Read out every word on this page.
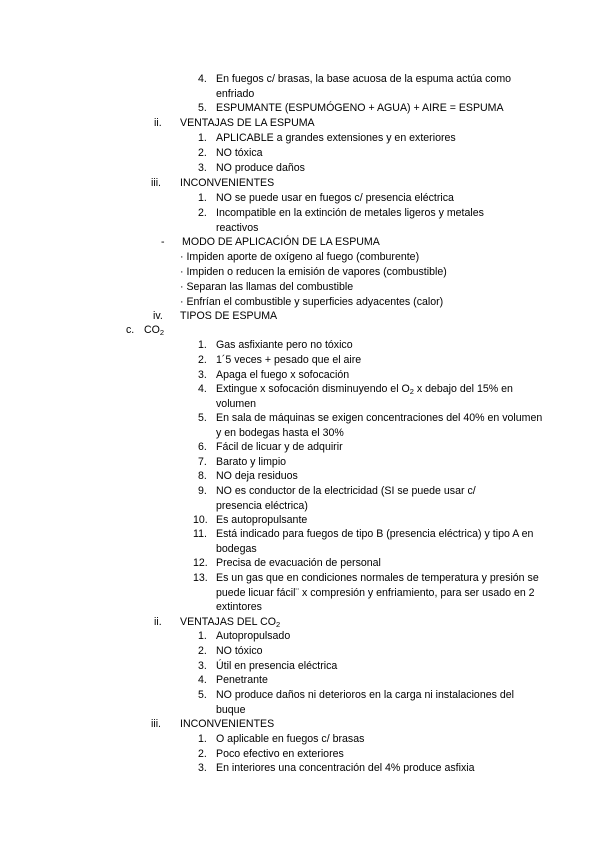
4. En fuegos c/ brasas, la base acuosa de la espuma actúa como enfriado
5. ESPUMANTE (ESPUMÓGENO + AGUA) + AIRE = ESPUMA
ii. VENTAJAS DE LA ESPUMA
1. APLICABLE a grandes extensiones y en exteriores
2. NO tóxica
3. NO produce daños
iii. INCONVENIENTES
1. NO se puede usar en fuegos c/ presencia eléctrica
2. Incompatible en la extinción de metales ligeros y metales reactivos
- MODO DE APLICACIÓN DE LA ESPUMA
· Impiden aporte de oxígeno al fuego (comburente)
· Impiden o reducen la emisión de vapores (combustible)
· Separan las llamas del combustible
· Enfrían el combustible y superficies adyacentes (calor)
iv. TIPOS DE ESPUMA
c. $CO_2$
1. Gas asfixiante pero no tóxico
2. 1´5 veces + pesado que el aire
3. Apaga el fuego x sofocación
4. Extingue x sofocación disminuyendo el $O_2$ x debajo del 15% en volumen
5. En sala de máquinas se exigen concentraciones del 40% en volumen y en bodegas hasta el 30%
6. Fácil de licuar y de adquirir
7. Barato y limpio
8. NO deja residuos
9. NO es conductor de la electricidad (SI se puede usar c/ presencia eléctrica)
10. Es autopropulsante
11. Está indicado para fuegos de tipo B (presencia eléctrica) y tipo A en bodegas
12. Precisa de evacuación de personal
13. Es un gas que en condiciones normales de temperatura y presión se puede licuar fácil¨ x compresión y enfriamiento, para ser usado en 2 extintores
ii. VENTAJAS DEL $CO_2$
1. Autopropulsado
2. NO tóxico
3. Útil en presencia eléctrica
4. Penetrante
5. NO produce daños ni deterioros en la carga ni instalaciones del buque
iii. INCONVENIENTES
1. O aplicable en fuegos c/ brasas
2. Poco efectivo en exteriores
3. En interiores una concentración del 4% produce asfixia
